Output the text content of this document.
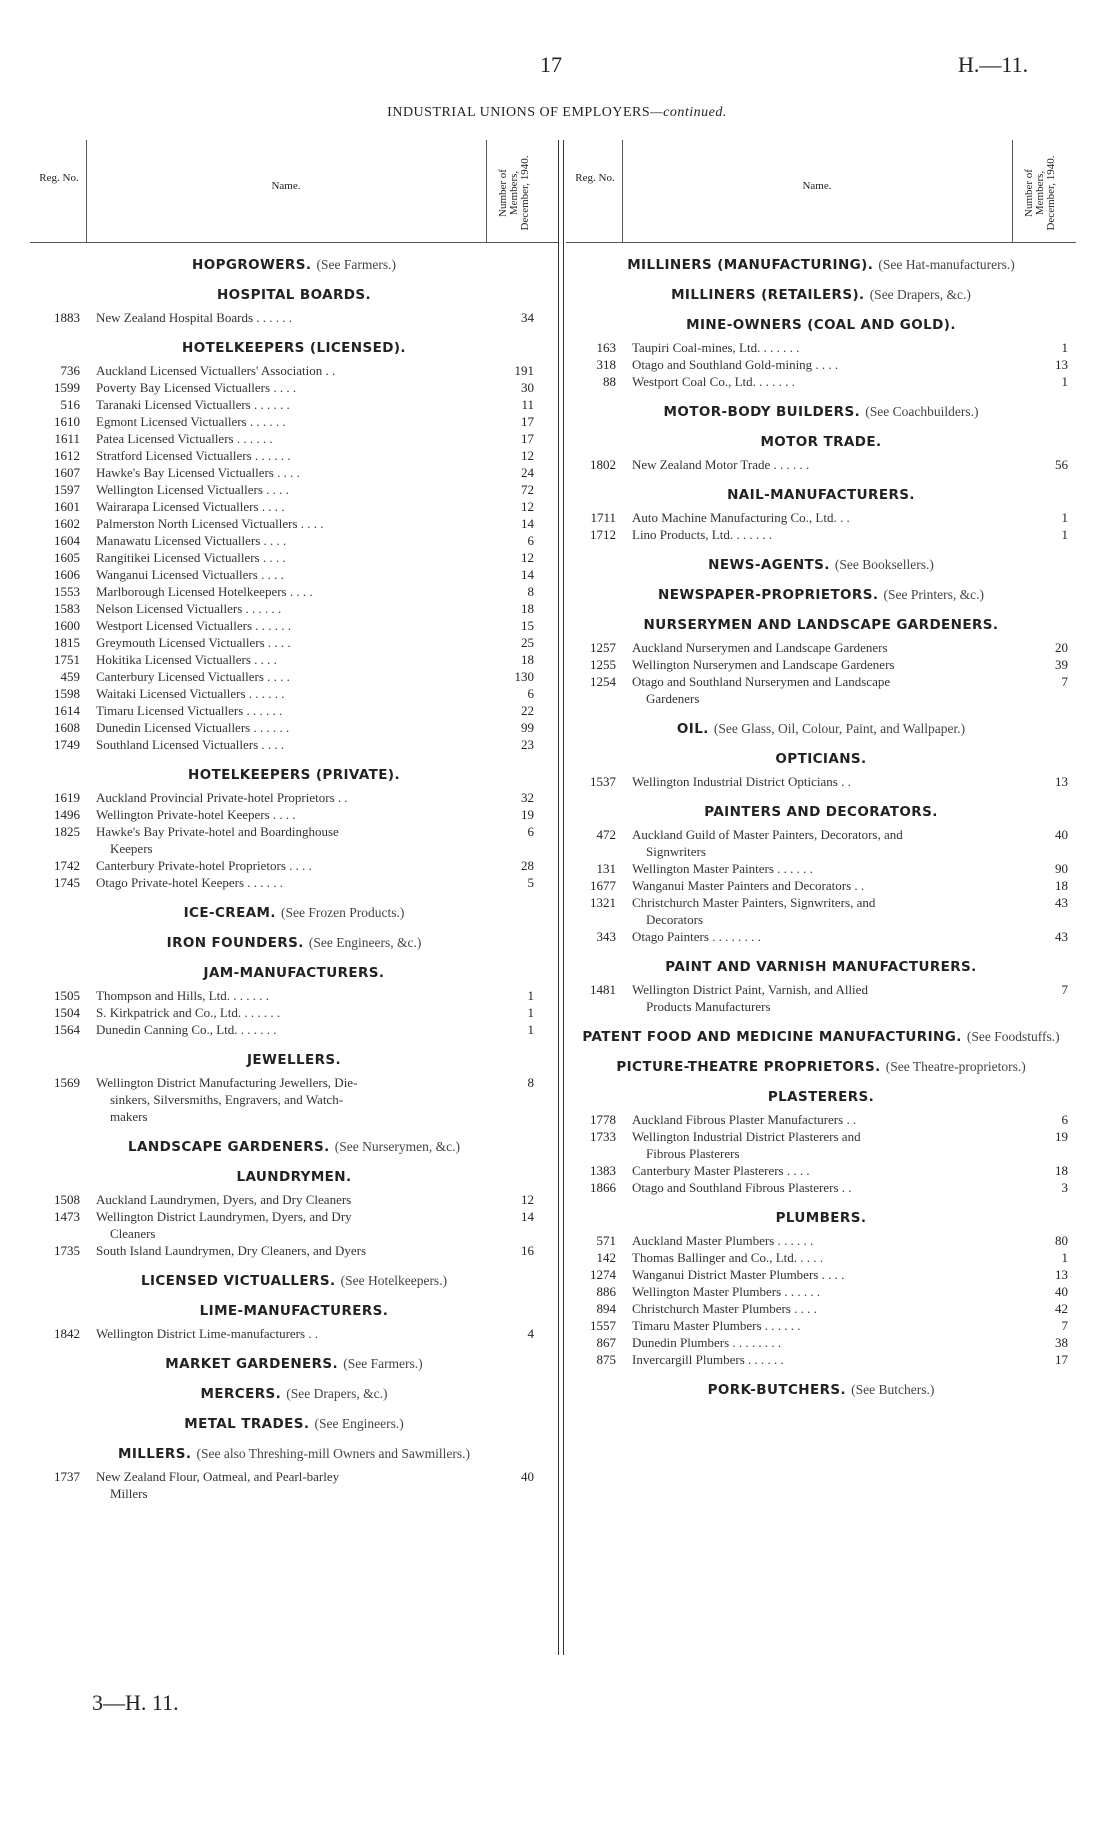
17	H.—11.
INDUSTRIAL UNIONS OF EMPLOYERS—continued.
Reg. No.
Name.	Number of Members, December, 1940.
HOPGROWERS. (See Farmers.)
HOSPITAL BOARDS.
1883	New Zealand Hospital Boards . . . . . .	34
HOTELKEEPERS (LICENSED).
736	Auckland Licensed Victuallers' Association . .	191
1599	Poverty Bay Licensed Victuallers . . . .	30
516	Taranaki Licensed Victuallers . . . . . .	11
1610	Egmont Licensed Victuallers . . . . . .	17
1611	Patea Licensed Victuallers . . . . . .	17
1612	Stratford Licensed Victuallers . . . . . .	12
1607	Hawke's Bay Licensed Victuallers . . . .	24
1597	Wellington Licensed Victuallers . . . .	72
1601	Wairarapa Licensed Victuallers . . . .	12
1602	Palmerston North Licensed Victuallers . . . .	14
1604	Manawatu Licensed Victuallers . . . .	6
1605	Rangitikei Licensed Victuallers . . . .	12
1606	Wanganui Licensed Victuallers . . . .	14
1553	Marlborough Licensed Hotelkeepers . . . .	8
1583	Nelson Licensed Victuallers . . . . . .	18
1600	Westport Licensed Victuallers . . . . . .	15
1815	Greymouth Licensed Victuallers . . . .	25
1751	Hokitika Licensed Victuallers . . . .	18
459	Canterbury Licensed Victuallers . . . .	130
1598	Waitaki Licensed Victuallers . . . . . .	6
1614	Timaru Licensed Victuallers . . . . . .	22
1608	Dunedin Licensed Victuallers . . . . . .	99
1749	Southland Licensed Victuallers . . . .	23
HOTELKEEPERS (PRIVATE).
1619	Auckland Provincial Private-hotel Proprietors . .	32
1496	Wellington Private-hotel Keepers . . . .	19
1825	Hawke's Bay Private-hotel and Boardinghouse	6
Keepers
1742	Canterbury Private-hotel Proprietors . . . .	28
1745	Otago Private-hotel Keepers . . . . . .	5
ICE-CREAM. (See Frozen Products.)
IRON FOUNDERS. (See Engineers, &c.)
JAM-MANUFACTURERS.
1505	Thompson and Hills, Ltd. . . . . . .	1
1504	S. Kirkpatrick and Co., Ltd. . . . . . .	1
1564	Dunedin Canning Co., Ltd. . . . . . .	1
JEWELLERS.
1569	Wellington District Manufacturing Jewellers, Die-	8
sinkers, Silversmiths, Engravers, and Watch-
makers
LANDSCAPE GARDENERS. (See Nurserymen, &c.)
LAUNDRYMEN.
1508	Auckland Laundrymen, Dyers, and Dry Cleaners	12
1473	Wellington District Laundrymen, Dyers, and Dry	14
Cleaners
1735	South Island Laundrymen, Dry Cleaners, and Dyers	16
LICENSED VICTUALLERS. (See Hotelkeepers.)
LIME-MANUFACTURERS.
1842	Wellington District Lime-manufacturers . .	4
MARKET GARDENERS. (See Farmers.)
MERCERS. (See Drapers, &c.)
METAL TRADES. (See Engineers.)
MILLERS. (See also Threshing-mill Owners and Sawmillers.)
1737	New Zealand Flour, Oatmeal, and Pearl-barley	40
Millers
Reg. No.
Name.	Number of Members, December, 1940.
MILLINERS (MANUFACTURING). (See Hat-manufacturers.)
MILLINERS (RETAILERS). (See Drapers, &c.)
MINE-OWNERS (COAL AND GOLD).
163	Taupiri Coal-mines, Ltd. . . . . . .	1
318	Otago and Southland Gold-mining . . . .	13
88	Westport Coal Co., Ltd. . . . . . .	1
MOTOR-BODY BUILDERS. (See Coachbuilders.)
MOTOR TRADE.
1802	New Zealand Motor Trade . . . . . .	56
NAIL-MANUFACTURERS.
1711	Auto Machine Manufacturing Co., Ltd. . .	1
1712	Lino Products, Ltd. . . . . . .	1
NEWS-AGENTS. (See Booksellers.)
NEWSPAPER-PROPRIETORS. (See Printers, &c.)
NURSERYMEN AND LANDSCAPE GARDENERS.
1257	Auckland Nurserymen and Landscape Gardeners	20
1255	Wellington Nurserymen and Landscape Gardeners	39
1254	Otago and Southland Nurserymen and Landscape	7
Gardeners
OIL. (See Glass, Oil, Colour, Paint, and Wallpaper.)
OPTICIANS.
1537	Wellington Industrial District Opticians . .	13
PAINTERS AND DECORATORS.
472	Auckland Guild of Master Painters, Decorators, and	40
Signwriters
131	Wellington Master Painters . . . . . .	90
1677	Wanganui Master Painters and Decorators . .	18
1321	Christchurch Master Painters, Signwriters, and	43
Decorators
343	Otago Painters . . . . . . . .	43
PAINT AND VARNISH MANUFACTURERS.
1481	Wellington District Paint, Varnish, and Allied	7
Products Manufacturers
PATENT FOOD AND MEDICINE MANUFACTURING. (See Foodstuffs.)
PICTURE-THEATRE PROPRIETORS. (See Theatre-proprietors.)
PLASTERERS.
1778	Auckland Fibrous Plaster Manufacturers . .	6
1733	Wellington Industrial District Plasterers and	19
Fibrous Plasterers
1383	Canterbury Master Plasterers . . . .	18
1866	Otago and Southland Fibrous Plasterers . .	3
PLUMBERS.
571	Auckland Master Plumbers . . . . . .	80
142	Thomas Ballinger and Co., Ltd. . . . .	1
1274	Wanganui District Master Plumbers . . . .	13
886	Wellington Master Plumbers . . . . . .	40
894	Christchurch Master Plumbers . . . .	42
1557	Timaru Master Plumbers . . . . . .	7
867	Dunedin Plumbers . . . . . . . .	38
875	Invercargill Plumbers . . . . . .	17
PORK-BUTCHERS. (See Butchers.)
3—H. 11.
